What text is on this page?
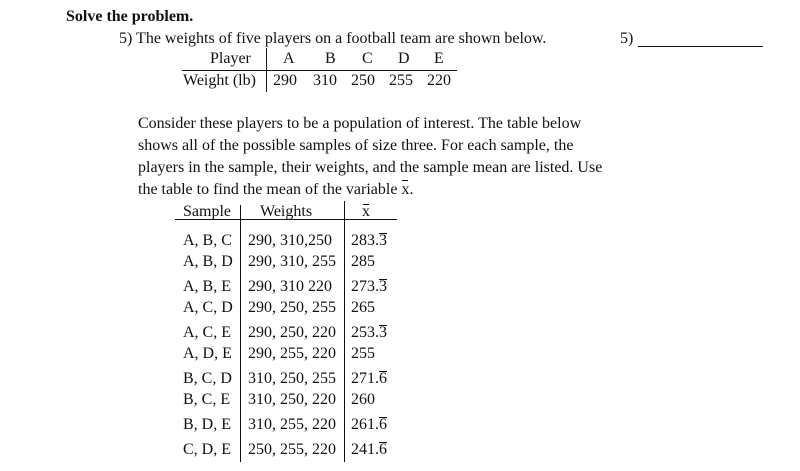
Solve the problem.
5) The weights of five players on a football team are shown below.	5)
Player
Weight (lb)
A B C D E
290 310 250 255 220
Consider these players to be a population of interest. The table below shows all of the possible samples of size three. For each sample, the players in the sample, their weights, and the sample mean are listed. Use the table to find the mean of the variable x.
Sample Weights	x
A, B, C 290, 310,250 283.3
A, B, D 290, 310, 255 285
A, B, E 290, 310 220 273.3
A, C, D 290, 250, 255 265
A, C, E 290, 250, 220 253.3
A, D, E 290, 255, 220 255
B, C, D 310, 250, 255 271.6
B, C, E 310, 250, 220 260
B, D, E 310, 255, 220 261.6
C, D, E 250, 255, 220 241.6
